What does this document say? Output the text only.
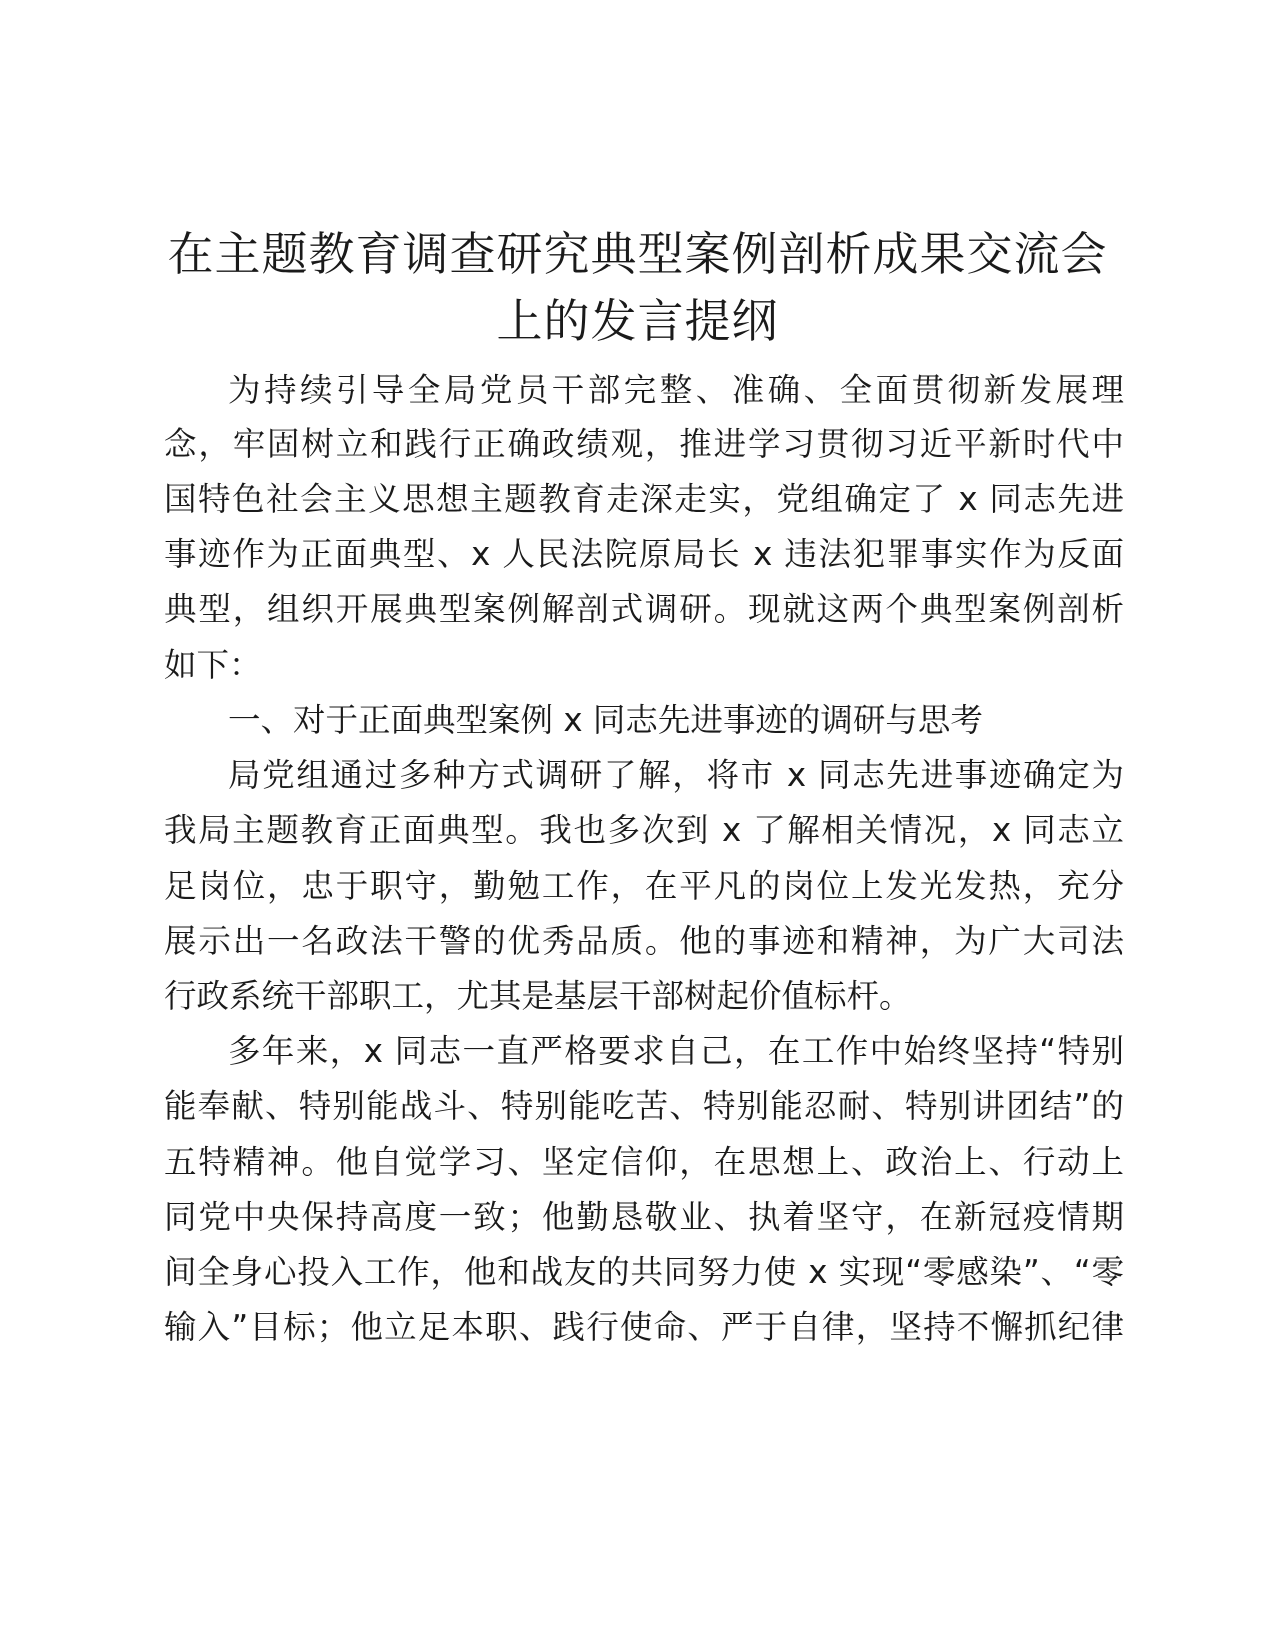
在主题教育调查研究典型案例剖析成果交流会
上的发言提纲

为持续引导全局党员干部完整、准确、全面贯彻新发展理

念，牢固树立和践行正确政绩观，推进学习贯彻习近平新时代中

国特色社会主义思想主题教育走深走实，党组确定了 x 同志先进

事迹作为正面典型、x 人民法院原局长 x 违法犯罪事实作为反面

典型，组织开展典型案例解剖式调研。现就这两个典型案例剖析

如下：

一、对于正面典型案例 x 同志先进事迹的调研与思考

局党组通过多种方式调研了解，将市 x 同志先进事迹确定为

我局主题教育正面典型。我也多次到 x 了解相关情况，x 同志立

足岗位，忠于职守，勤勉工作，在平凡的岗位上发光发热，充分

展示出一名政法干警的优秀品质。他的事迹和精神，为广大司法

行政系统干部职工，尤其是基层干部树起价值标杆。

多年来，x 同志一直严格要求自己，在工作中始终坚持“特别

能奉献、特别能战斗、特别能吃苦、特别能忍耐、特别讲团结”的

五特精神。他自觉学习、坚定信仰，在思想上、政治上、行动上

同党中央保持高度一致；他勤恳敬业、执着坚守，在新冠疫情期

间全身心投入工作，他和战友的共同努力使 x 实现“零感染”、“零

输入”目标；他立足本职、践行使命、严于自律，坚持不懈抓纪律
